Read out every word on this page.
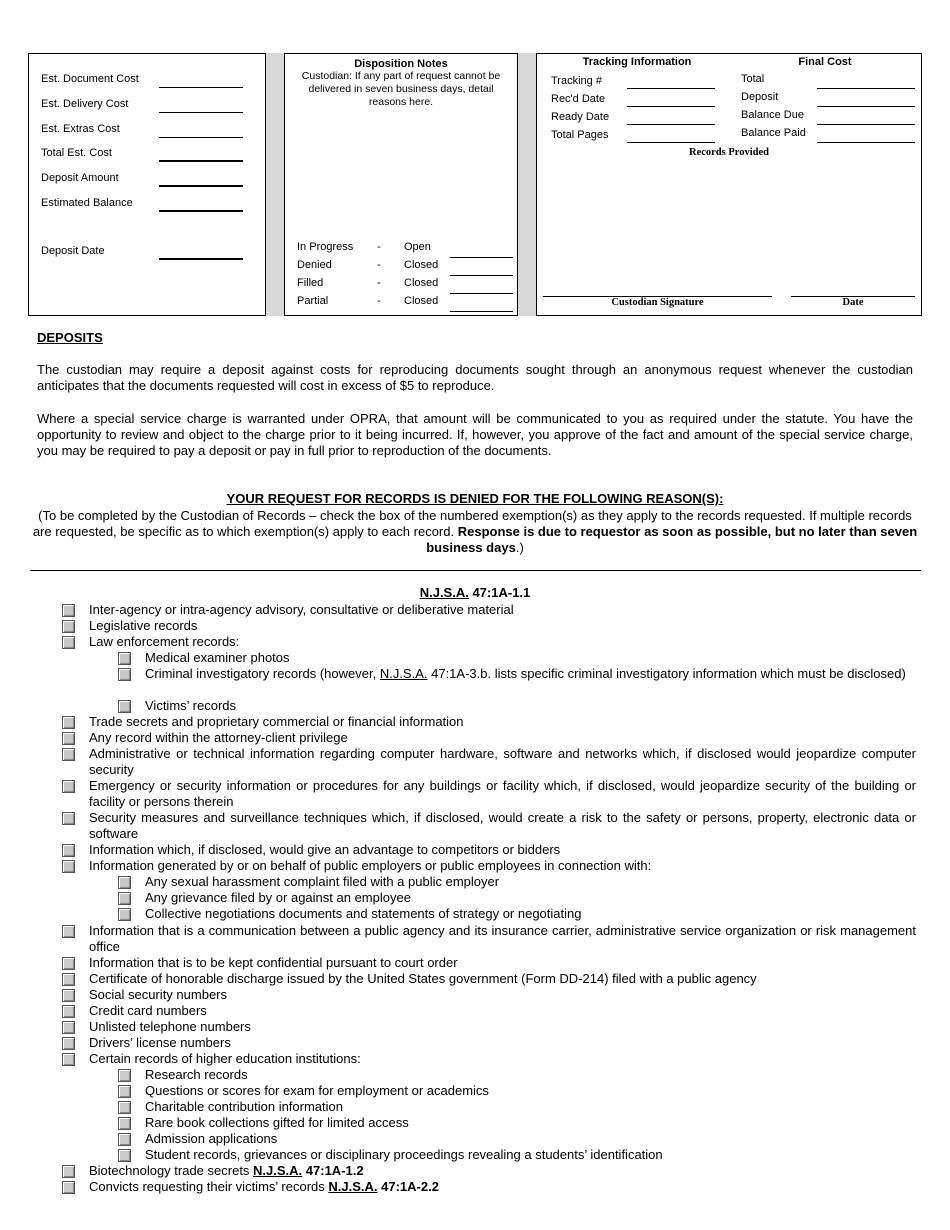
Est. Document Cost
Est. Delivery Cost
Est. Extras Cost
Total Est. Cost
Deposit Amount
Estimated Balance
Deposit Date
Disposition Notes
Custodian: If any part of request cannot be delivered in seven business days, detail reasons here.
In Progress - Open
Denied	- Closed
Filled	- Closed
Partial	- Closed
Tracking Information	Final Cost
Tracking #
Rec'd Date
Ready Date
Total Pages
Total
Deposit
Balance Due
Balance Paid
Records Provided
Custodian Signature	Date
DEPOSITS
The custodian may require a deposit against costs for reproducing documents sought through an anonymous request whenever the custodian anticipates that the documents requested will cost in excess of $5 to reproduce.
Where a special service charge is warranted under OPRA, that amount will be communicated to you as required under the statute. You have the opportunity to review and object to the charge prior to it being incurred. If, however, you approve of the fact and amount of the special service charge, you may be required to pay a deposit or pay in full prior to reproduction of the documents.
YOUR REQUEST FOR RECORDS IS DENIED FOR THE FOLLOWING REASON(S):
(To be completed by the Custodian of Records – check the box of the numbered exemption(s) as they apply to the records requested. If multiple records are requested, be specific as to which exemption(s) apply to each record. Response is due to requestor as soon as possible, but no later than seven business days.)
N.J.S.A. 47:1A-1.1
Inter-agency or intra-agency advisory, consultative or deliberative material
Legislative records
Law enforcement records:
Medical examiner photos
Criminal investigatory records (however, N.J.S.A. 47:1A-3.b. lists specific criminal investigatory information which must be disclosed)
Victims’ records
Trade secrets and proprietary commercial or financial information
Any record within the attorney-client privilege
Administrative or technical information regarding computer hardware, software and networks which, if disclosed would jeopardize computer security
Emergency or security information or procedures for any buildings or facility which, if disclosed, would jeopardize security of the building or facility or persons therein
Security measures and surveillance techniques which, if disclosed, would create a risk to the safety or persons, property, electronic data or software
Information which, if disclosed, would give an advantage to competitors or bidders
Information generated by or on behalf of public employers or public employees in connection with:
Any sexual harassment complaint filed with a public employer
Any grievance filed by or against an employee
Collective negotiations documents and statements of strategy or negotiating
Information that is a communication between a public agency and its insurance carrier, administrative service organization or risk management office
Information that is to be kept confidential pursuant to court order
Certificate of honorable discharge issued by the United States government (Form DD-214) filed with a public agency
Social security numbers
Credit card numbers
Unlisted telephone numbers
Drivers’ license numbers
Certain records of higher education institutions:
Research records
Questions or scores for exam for employment or academics
Charitable contribution information
Rare book collections gifted for limited access
Admission applications
Student records, grievances or disciplinary proceedings revealing a students’ identification
Biotechnology trade secrets N.J.S.A. 47:1A-1.2
Convicts requesting their victims’ records N.J.S.A. 47:1A-2.2
